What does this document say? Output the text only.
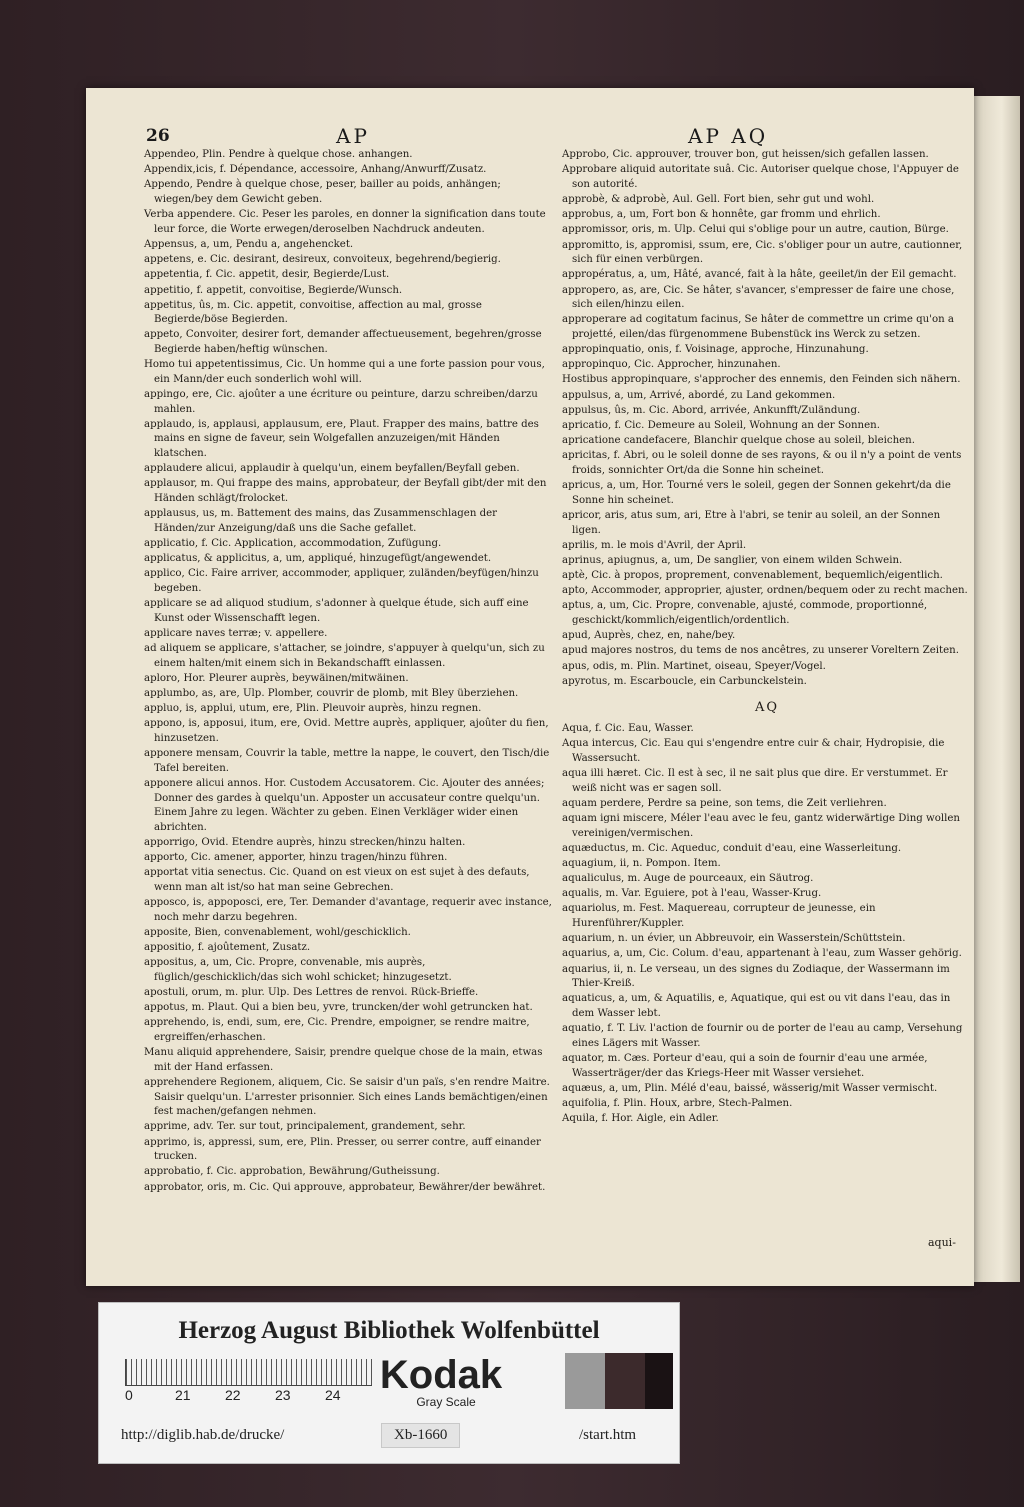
26	AP	AP AQ
Appendeo, Plin. Pendre à quelque chose. anhangen.
Appendix,icis, f. Dépendance, accessoire, Anhang/Anwurff/Zusatz.
Appendo, Pendre à quelque chose, peser, bailler au poids, anhängen; wiegen/bey dem Gewicht geben.
Verba appendere. Cic. Peser les paroles, en donner la signification dans toute leur force, die Worte erwegen/deroselben Nachdruck andeuten.
Appensus, a, um, Pendu a, angehencket.
appetens, e. Cic. desirant, desireux, convoiteux, begehrend/begierig.
appetentia, f. Cic. appetit, desir, Begierde/Lust.
appetitio, f. appetit, convoitise, Begierde/Wunsch.
appetitus, ûs, m. Cic. appetit, convoitise, affection au mal, grosse Begierde/böse Begierden.
appeto, Convoiter, desirer fort, demander affectueusement, begehren/grosse Begierde haben/heftig wünschen.
Homo tui appetentissimus, Cic. Un homme qui a une forte passion pour vous, ein Mann/der euch sonderlich wohl will.
appingo, ere, Cic. ajoûter a une écriture ou peinture, darzu schreiben/darzu mahlen.
applaudo, is, applausi, applausum, ere, Plaut. Frapper des mains, battre des mains en signe de faveur, sein Wolgefallen anzuzeigen/mit Händen klatschen.
applaudere alicui, applaudir à quelqu'un, einem beyfallen/Beyfall geben.
applausor, m. Qui frappe des mains, approbateur, der Beyfall gibt/der mit den Händen schlägt/frolocket.
applausus, us, m. Battement des mains, das Zusammenschlagen der Händen/zur Anzeigung/daß uns die Sache gefallet.
applicatio, f. Cic. Application, accommodation, Zufügung.
applicatus, & applicitus, a, um, appliqué, hinzugefügt/angewendet.
applico, Cic. Faire arriver, accommoder, appliquer, zuländen/beyfügen/hinzu begeben.
applicare se ad aliquod studium, s'adonner à quelque étude, sich auff eine Kunst oder Wissenschafft legen.
applicare naves terræ; v. appellere.
ad aliquem se applicare, s'attacher, se joindre, s'appuyer à quelqu'un, sich zu einem halten/mit einem sich in Bekandschafft einlassen.
aploro, Hor. Pleurer auprès, beywäinen/mitwäinen.
applumbo, as, are, Ulp. Plomber, couvrir de plomb, mit Bley überziehen.
appluo, is, applui, utum, ere, Plin. Pleuvoir auprès, hinzu regnen.
appono, is, apposui, itum, ere, Ovid. Mettre auprès, appliquer, ajoûter du fien, hinzusetzen.
apponere mensam, Couvrir la table, mettre la nappe, le couvert, den Tisch/die Tafel bereiten.
apponere alicui annos. Hor. Custodem Accusatorem. Cic. Ajouter des années; Donner des gardes à quelqu'un. Apposter un accusateur contre quelqu'un. Einem Jahre zu legen. Wächter zu geben. Einen Verkläger wider einen abrichten.
apporrigo, Ovid. Etendre auprès, hinzu strecken/hinzu halten.
apporto, Cic. amener, apporter, hinzu tragen/hinzu führen.
apportat vitia senectus. Cic. Quand on est vieux on est sujet à des defauts, wenn man alt ist/so hat man seine Gebrechen.
apposco, is, appoposci, ere, Ter. Demander d'avantage, requerir avec instance, noch mehr darzu begehren.
apposite, Bien, convenablement, wohl/geschicklich.
appositio, f. ajoûtement, Zusatz.
appositus, a, um, Cic. Propre, convenable, mis auprès, füglich/geschicklich/das sich wohl schicket; hinzugesetzt.
apostuli, orum, m. plur. Ulp. Des Lettres de renvoi. Rück-Brieffe.
appotus, m. Plaut. Qui a bien beu, yvre, truncken/der wohl getruncken hat.
apprehendo, is, endi, sum, ere, Cic. Prendre, empoigner, se rendre maitre, ergreiffen/erhaschen.
Manu aliquid apprehendere, Saisir, prendre quelque chose de la main, etwas mit der Hand erfassen.
apprehendere Regionem, aliquem, Cic. Se saisir d'un païs, s'en rendre Maitre. Saisir quelqu'un. L'arrester prisonnier. Sich eines Lands bemächtigen/einen fest machen/gefangen nehmen.
apprime, adv. Ter. sur tout, principalement, grandement, sehr.
apprimo, is, appressi, sum, ere, Plin. Presser, ou serrer contre, auff einander trucken.
approbatio, f. Cic. approbation, Bewährung/Gutheissung.
approbator, oris, m. Cic. Qui approuve, approbateur, Bewährer/der bewähret.
Approbo, Cic. approuver, trouver bon, gut heissen/sich gefallen lassen.
Approbare aliquid autoritate suâ. Cic. Autoriser quelque chose, l'Appuyer de son autorité.
approbè, & adprobè, Aul. Gell. Fort bien, sehr gut und wohl.
approbus, a, um, Fort bon & honnête, gar fromm und ehrlich.
appromissor, oris, m. Ulp. Celui qui s'oblige pour un autre, caution, Bürge.
appromitto, is, appromisi, ssum, ere, Cic. s'obliger pour un autre, cautionner, sich für einen verbürgen.
appropératus, a, um, Hâté, avancé, fait à la hâte, geeilet/in der Eil gemacht.
appropero, as, are, Cic. Se hâter, s'avancer, s'empresser de faire une chose, sich eilen/hinzu eilen.
approperare ad cogitatum facinus, Se hâter de commettre un crime qu'on a projetté, eilen/das fürgenommene Bubenstück ins Werck zu setzen.
appropinquatio, onis, f. Voisinage, approche, Hinzunahung.
appropinquo, Cic. Approcher, hinzunahen.
Hostibus appropinquare, s'approcher des ennemis, den Feinden sich nähern.
appulsus, a, um, Arrivé, abordé, zu Land gekommen.
appulsus, ûs, m. Cic. Abord, arrivée, Ankunfft/Zuländung.
apricatio, f. Cic. Demeure au Soleil, Wohnung an der Sonnen.
apricatione candefacere, Blanchir quelque chose au soleil, bleichen.
apricitas, f. Abri, ou le soleil donne de ses rayons, & ou il n'y a point de vents froids, sonnichter Ort/da die Sonne hin scheinet.
apricus, a, um, Hor. Tourné vers le soleil, gegen der Sonnen gekehrt/da die Sonne hin scheinet.
apricor, aris, atus sum, ari, Etre à l'abri, se tenir au soleil, an der Sonnen ligen.
aprilis, m. le mois d'Avril, der April.
aprinus, apiugnus, a, um, De sanglier, von einem wilden Schwein.
aptè, Cic. à propos, proprement, convenablement, bequemlich/eigentlich.
apto, Accommoder, approprier, ajuster, ordnen/bequem oder zu recht machen.
aptus, a, um, Cic. Propre, convenable, ajusté, commode, proportionné, geschickt/kommlich/eigentlich/ordentlich.
apud, Auprès, chez, en, nahe/bey.
apud majores nostros, du tems de nos ancêtres, zu unserer Voreltern Zeiten.
apus, odis, m. Plin. Martinet, oiseau, Speyer/Vogel.
apyrotus, m. Escarboucle, ein Carbunckelstein.
AQ
Aqua, f. Cic. Eau, Wasser.
Aqua intercus, Cic. Eau qui s'engendre entre cuir & chair, Hydropisie, die Wassersucht.
aqua illi hæret. Cic. Il est à sec, il ne sait plus que dire. Er verstummet. Er weiß nicht was er sagen soll.
aquam perdere, Perdre sa peine, son tems, die Zeit verliehren.
aquam igni miscere, Méler l'eau avec le feu, gantz widerwärtige Ding wollen vereinigen/vermischen.
aquæductus, m. Cic. Aqueduc, conduit d'eau, eine Wasserleitung.
aquagium, ii, n. Pompon. Item.
aqualiculus, m. Auge de pourceaux, ein Säutrog.
aqualis, m. Var. Eguiere, pot à l'eau, Wasser-Krug.
aquariolus, m. Fest. Maquereau, corrupteur de jeunesse, ein Hurenführer/Kuppler.
aquarium, n. un évier, un Abbreuvoir, ein Wasserstein/Schüttstein.
aquarius, a, um, Cic. Colum. d'eau, appartenant à l'eau, zum Wasser gehörig.
aquarius, ii, n. Le verseau, un des signes du Zodiaque, der Wassermann im Thier-Kreiß.
aquaticus, a, um, & Aquatilis, e, Aquatique, qui est ou vit dans l'eau, das in dem Wasser lebt.
aquatio, f. T. Liv. l'action de fournir ou de porter de l'eau au camp, Versehung eines Lägers mit Wasser.
aquator, m. Cæs. Porteur d'eau, qui a soin de fournir d'eau une armée, Wasserträger/der das Kriegs-Heer mit Wasser versiehet.
aquæus, a, um, Plin. Mélé d'eau, baissé, wässerig/mit Wasser vermischt.
aquifolia, f. Plin. Houx, arbre, Stech-Palmen.
Aquila, f. Hor. Aigle, ein Adler.
aqui-
Herzog August Bibliothek Wolfenbüttel
0	21 22 23 24 Kodak
Gray Scale
http://diglib.hab.de/drucke/	Xb-1660	/start.htm
